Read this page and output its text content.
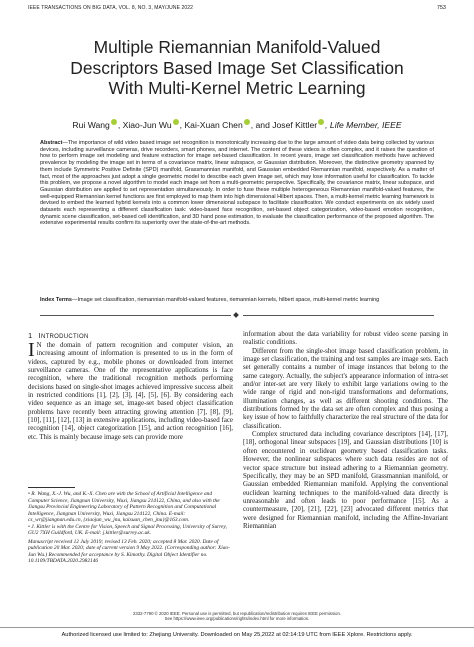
IEEE TRANSACTIONS ON BIG DATA, VOL. 8, NO. 3, MAY/JUNE 2022	753
Multiple Riemannian Manifold-Valued
Descriptors Based Image Set Classification
With Multi-Kernel Metric Learning
Rui Wang , Xiao-Jun Wu , Kai-Xuan Chen , and Josef Kittler , Life Member, IEEE
Abstract—The importance of wild video based image set recognition is monotonically increasing due to the large amount of video data being collected by various devices, including surveillance cameras, drive recorders, smart phones, and internet. The content of these videos is often complex, and it raises the question of how to perform image set modeling and feature extraction for image set-based classification. In recent years, image set classification methods have achieved prevalence by modeling the image set in terms of a covariance matrix, linear subspace, or Gaussian distribution. Moreover, the distinctive geometry spanned by them include Symmetric Positive Definite (SPD) manifold, Grassmannian manifold, and Gaussian embedded Riemannian manifold, respectively. As a matter of fact, most of the approaches just adopt a single geometric model to describe each given image set, which may lose information useful for classification. To tackle this problem, we propose a novel algorithm to model each image set from a multi-geometric perspective. Specifically, the covariance matrix, linear subspace, and Gaussian distribution are applied to set representation simultaneously. In order to fuse these multiple heterogeneous Riemannian manifold-valued features, the well-equipped Riemannian kernel functions are first employed to map them into high dimensional Hilbert spaces. Then, a multi-kernel metric learning framework is devised to embed the learned hybrid kernels into a common lower dimensional subspace to facilitate classification. We conduct experiments on six widely used datasets each representing a different classification task: video-based face recognition, set-based object categorization, video-based emotion recognition, dynamic scene classification, set-based cell identification, and 3D hand pose estimation, to evaluate the classification performance of the proposed algorithm. The extensive experimental results confirm its superiority over the state-of-the-art methods.
Index Terms—Image set classification, riemannian manifold-valued features, riemannian kernels, hilbert space, multi-kernel metric learning
1 INTRODUCTION

I N the domain of pattern recognition and computer vision, an increasing amount of information is presented to us in the form of videos, captured by e.g., mobile phones or downloaded from internet surveillance cameras. One of the representative applications is face recognition, where the traditional recognition methods performing decisions based on single-shot images achieved impressive success albeit in restricted conditions [1], [2], [3], [4], [5], [6]. By considering each video sequence as an image set, image-set based object classification problems have recently been attracting growing attention [7], [8], [9], [10], [11], [12], [13] in extensive applications, including video-based face recognition [14], object categorization [15], and action recognition [16], etc. This is mainly because image sets can provide more

• R. Wang, X.-J. Wu, and K.-X. Chen are with the School of Artificial Intelligence and Computer Science, Jiangnan University, Wuxi, Jiangsu 214122, China, and also with the Jiangsu Provincial Engineering Laboratory of Pattern Recognition and Computational Intelligence, Jiangnan University, Wuxi, Jiangsu 214122, China. E-mail: cs_wr@jiangnan.edu.cn, {xiaojun_wu_jnu, kaixuan_chen_jnu}@163.com.

• J. Kittler is with the Centre for Vision, Speech and Signal Processing, University of Surrey, GU2 7XH Guildford, UK. E-mail: j.kittler@surrey.ac.uk.

Manuscript received 12 July 2019; revised 13 Feb. 2020; accepted 8 Mar. 2020. Date of publication 20 Mar. 2020; date of current version 9 May 2022. (Corresponding author: Xiao-Jun Wu.) Recommended for acceptance by S. Kimothy. Digital Object Identifier no. 10.1109/TBDATA.2020.2982146

information about the data variability for robust video scene parsing in realistic conditions.

Different from the single-shot image based classification problem, in image set classification, the training and test samples are image sets. Each set generally contains a number of image instances that belong to the same category. Actually, the subject's appearance information of intra-set and/or inter-set are very likely to exhibit large variations owing to the wide range of rigid and non-rigid transformations and deformations, illumination changes, as well as different shooting conditions. The distributions formed by the data set are often complex and thus posing a key issue of how to faithfully characterize the real structure of the data for classification.

Complex structured data including covariance descriptors [14], [17], [18], orthogonal linear subspaces [19], and Gaussian distributions [10] is often encountered in euclidean geometry based classification tasks. However, the nonlinear subspaces where such data resides are not of vector space structure but instead adhering to a Riemannian geometry. Specifically, they may be an SPD manifold, Grassmannian manifold, or Gaussian embedded Riemannian manifold. Applying the conventional euclidean learning techniques to the manifold-valued data directly is unreasonable and often leads to poor performance [15]. As a countermeasure, [20], [21], [22], [23] advocated different metrics that were designed for Riemannian manifold, including the Affine-Invariant Riemannian

2332-7790 © 2020 IEEE. Personal use is permitted, but republication/redistribution requires IEEE permission.
See https://www.ieee.org/publications/rights/index.html for more information.
Authorized licensed use limited to: Zhejiang University. Downloaded on May 25,2022 at 02:14:19 UTC from IEEE Xplore. Restrictions apply.
